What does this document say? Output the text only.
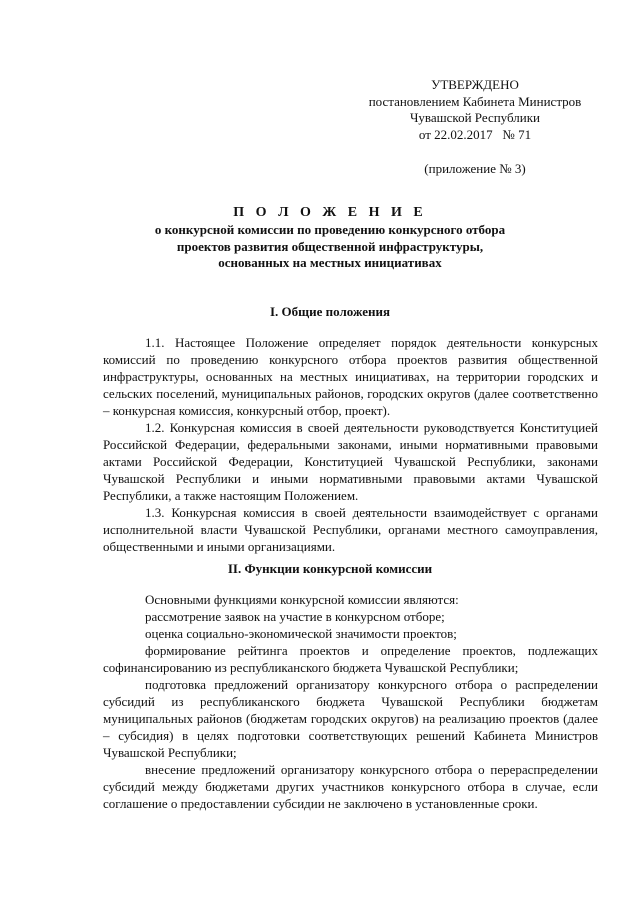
УТВЕРЖДЕНО
постановлением Кабинета Министров
Чувашской Республики
от 22.02.2017   № 71
(приложение № 3)
П О Л О Ж Е Н И Е
о конкурсной комиссии по проведению конкурсного отбора
проектов развития общественной инфраструктуры,
основанных на местных инициативах
I. Общие положения

1.1. Настоящее Положение определяет порядок деятельности конкурсных комиссий по проведению конкурсного отбора проектов развития общественной инфраструктуры, основанных на местных инициативах, на территории городских и сельских поселений, муниципальных районов, городских округов (далее соответственно – конкурсная комиссия, конкурсный отбор, проект).

1.2. Конкурсная комиссия в своей деятельности руководствуется Конституцией Российской Федерации, федеральными законами, иными нормативными правовыми актами Российской Федерации, Конституцией Чувашской Республики, законами Чувашской Республики и иными нормативными правовыми актами Чувашской Республики, а также настоящим Положением.

1.3. Конкурсная комиссия в своей деятельности взаимодействует с органами исполнительной власти Чувашской Республики, органами местного самоуправления, общественными и иными организациями.

II. Функции конкурсной комиссии

Основными функциями конкурсной комиссии являются:

рассмотрение заявок на участие в конкурсном отборе;

оценка социально-экономической значимости проектов;

формирование рейтинга проектов и определение проектов, подлежащих софинансированию из республиканского бюджета Чувашской Республики;

подготовка предложений организатору конкурсного отбора о распределении субсидий из республиканского бюджета Чувашской Республики бюджетам муниципальных районов (бюджетам городских округов) на реализацию проектов (далее – субсидия) в целях подготовки соответствующих решений Кабинета Министров Чувашской Республики;

внесение предложений организатору конкурсного отбора о перераспределении субсидий между бюджетами других участников конкурсного отбора в случае, если соглашение о предоставлении субсидии не заключено в установленные сроки.
